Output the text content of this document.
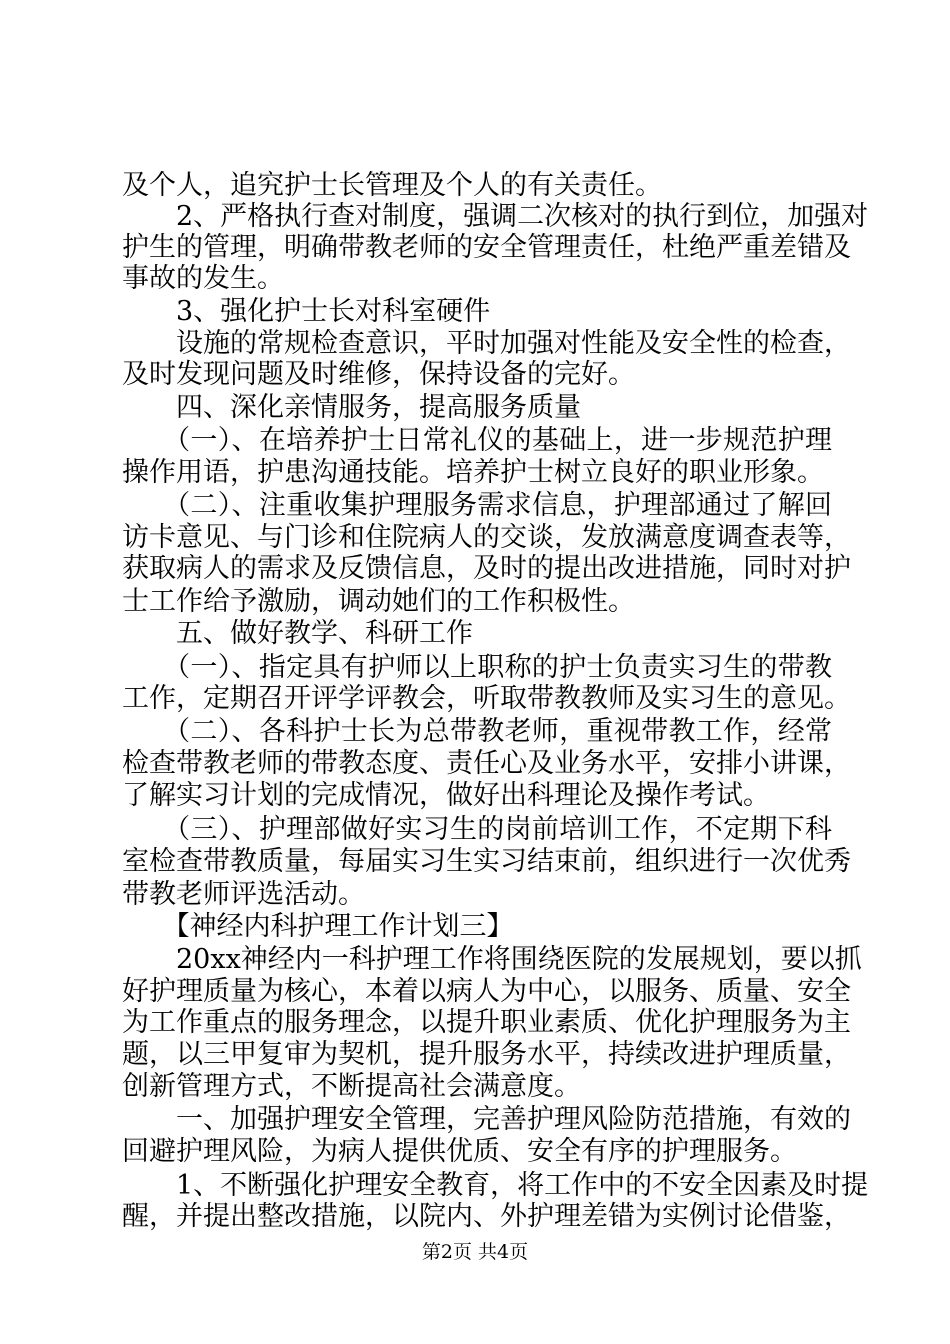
及个人，追究护士长管理及个人的有关责任。
　　2、严格执行查对制度，强调二次核对的执行到位，加强对
护生的管理，明确带教老师的安全管理责任，杜绝严重差错及
事故的发生。
　　3、强化护士长对科室硬件
　　设施的常规检查意识，平时加强对性能及安全性的检查，
及时发现问题及时维修，保持设备的完好。
　　四、深化亲情服务，提高服务质量
　　（一）、在培养护士日常礼仪的基础上，进一步规范护理
操作用语，护患沟通技能。培养护士树立良好的职业形象。
　　（二）、注重收集护理服务需求信息，护理部通过了解回
访卡意见、与门诊和住院病人的交谈，发放满意度调查表等，
获取病人的需求及反馈信息，及时的提出改进措施，同时对护
士工作给予激励，调动她们的工作积极性。
　　五、做好教学、科研工作
　　（一）、指定具有护师以上职称的护士负责实习生的带教
工作，定期召开评学评教会，听取带教教师及实习生的意见。
　　（二）、各科护士长为总带教老师，重视带教工作，经常
检查带教老师的带教态度、责任心及业务水平，安排小讲课，
了解实习计划的完成情况，做好出科理论及操作考试。
　　（三）、护理部做好实习生的岗前培训工作，不定期下科
室检查带教质量，每届实习生实习结束前，组织进行一次优秀
带教老师评选活动。
　　【神经内科护理工作计划三】
　　20xx神经内一科护理工作将围绕医院的发展规划，要以抓
好护理质量为核心，本着以病人为中心，以服务、质量、安全
为工作重点的服务理念，以提升职业素质、优化护理服务为主
题，以三甲复审为契机，提升服务水平，持续改进护理质量，
创新管理方式，不断提高社会满意度。
　　一、加强护理安全管理，完善护理风险防范措施，有效的
回避护理风险，为病人提供优质、安全有序的护理服务。
　　1、不断强化护理安全教育，将工作中的不安全因素及时提
醒，并提出整改措施，以院内、外护理差错为实例讨论借鉴，
第2页 共4页
